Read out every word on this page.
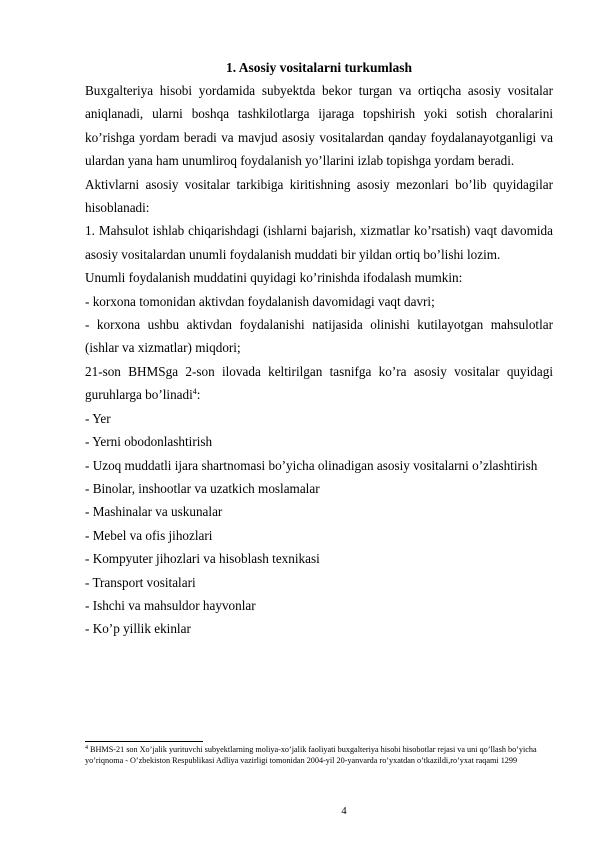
1. Asosiy vositalarni turkumlash

Buxgalteriya hisobi yordamida subyektda bekor turgan va ortiqcha asosiy vositalar aniqlanadi, ularni boshqa tashkilotlarga ijaraga topshirish yoki sotish choralarini ko’rishga yordam beradi va mavjud asosiy vositalardan qanday foydalanayotganligi va ulardan yana ham unumliroq foydalanish yo’llarini izlab topishga yordam beradi.

Aktivlarni asosiy vositalar tarkibiga kiritishning asosiy mezonlari bo’lib quyidagilar hisoblanadi:

1. Mahsulot ishlab chiqarishdagi (ishlarni bajarish, xizmatlar ko’rsatish) vaqt davomida asosiy vositalardan unumli foydalanish muddati bir yildan ortiq bo’lishi lozim.

Unumli foydalanish muddatini quyidagi ko’rinishda ifodalash mumkin:

- korxona tomonidan aktivdan foydalanish davomidagi vaqt davri;

- korxona ushbu aktivdan foydalanishi natijasida olinishi kutilayotgan mahsulotlar (ishlar va xizmatlar) miqdori;

21-son BHMSga 2-son ilovada keltirilgan tasnifga ko’ra asosiy vositalar quyidagi guruhlarga bo’linadi$^4$:

- Yer

- Yerni obodonlashtirish

- Uzoq muddatli ijara shartnomasi bo’yicha olinadigan asosiy vositalarni o’zlashtirish

- Binolar, inshootlar va uzatkich moslamalar

- Mashinalar va uskunalar

- Mebel va ofis jihozlari

- Kompyuter jihozlari va hisoblash texnikasi

- Transport vositalari

- Ishchi va mahsuldor hayvonlar

- Ko’p yillik ekinlar

$^4$ BHMS-21 son Xo’jalik yurituvchi subyektlarning moliya-xo’jalik faoliyati buxgalteriya hisobi hisobotlar rejasi va uni qo’llash bo’yicha yo’riqnoma - O’zbekiston Respublikasi Adliya vazirligi tomonidan 2004-yil 20-yanvarda ro’yxatdan o’tkazildi,ro’yxat raqami 1299
4
